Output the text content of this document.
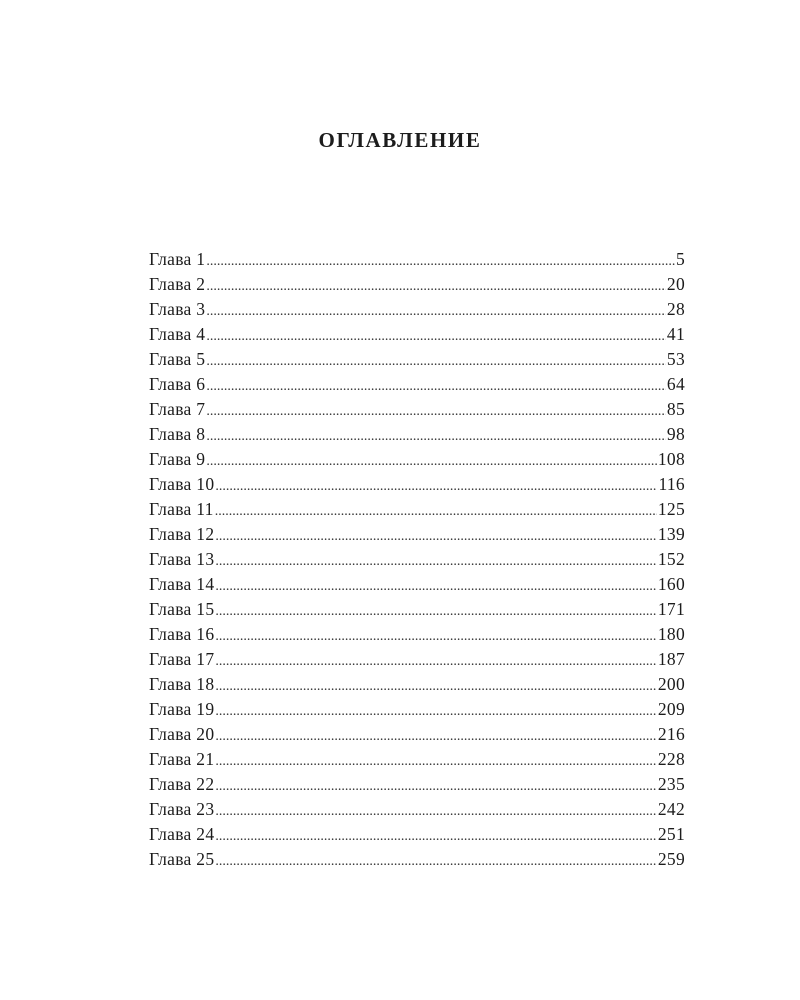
ОГЛАВЛЕНИЕ
Глава 1 .....	5
Глава 2 .....	20
Глава 3 .....	28
Глава 4 .....	41
Глава 5 .....	53
Глава 6 .....	64
Глава 7 .....	85
Глава 8 .....	98
Глава 9 .....	108
Глава 10 .....	116
Глава 11 .....	125
Глава 12 .....	139
Глава 13 .....	152
Глава 14 .....	160
Глава 15 .....	171
Глава 16 .....	180
Глава 17 .....	187
Глава 18 .....	200
Глава 19 .....	209
Глава 20 .....	216
Глава 21 .....	228
Глава 22 .....	235
Глава 23 .....	242
Глава 24 .....	251
Глава 25 .....	259
